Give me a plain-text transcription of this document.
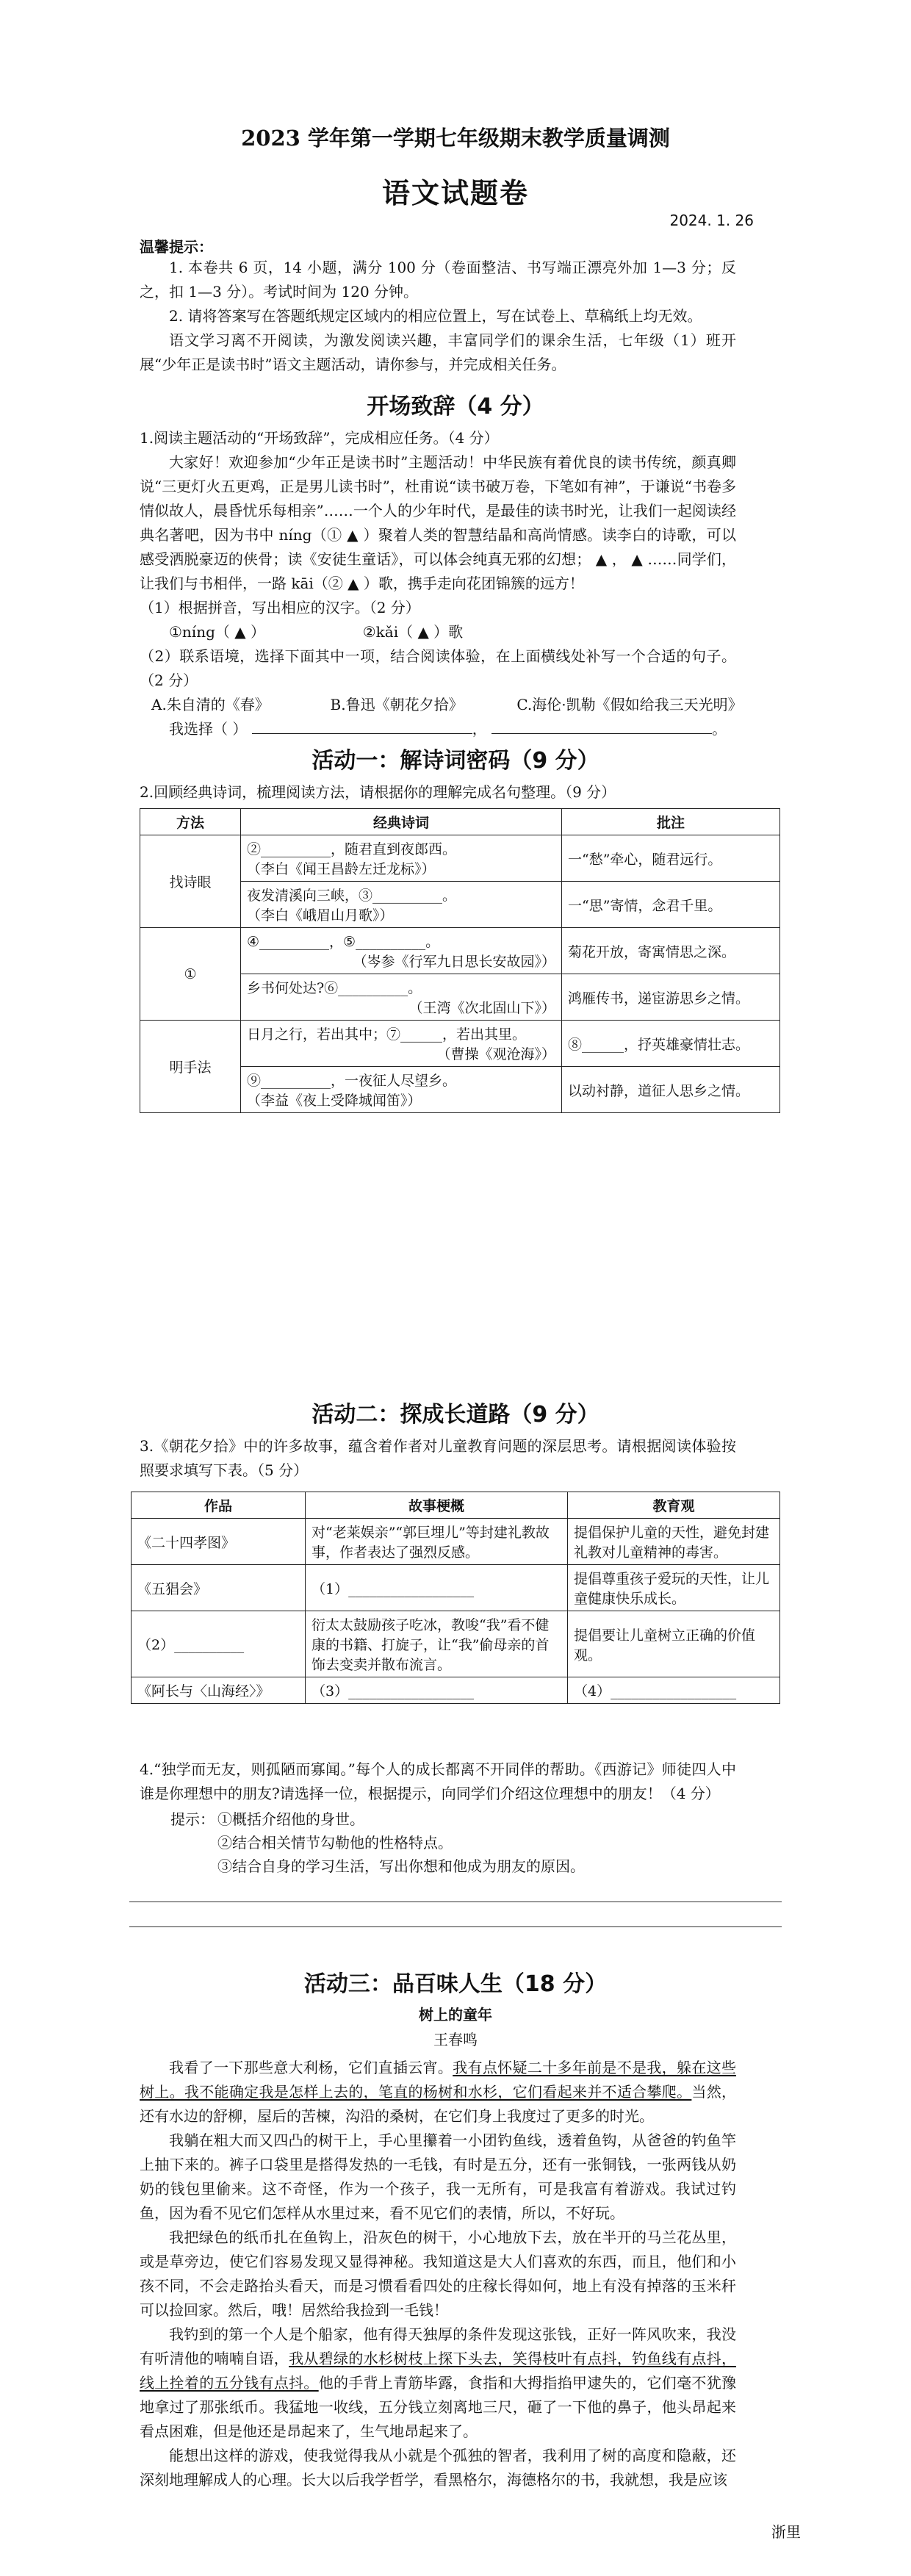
2023 学年第一学期七年级期末教学质量调测
语文试题卷
2024. 1. 26
温馨提示：

1. 本卷共 6 页，14 小题，满分 100 分（卷面整洁、书写端正漂亮外加 1—3 分；反之，扣 1—3 分）。考试时间为 120 分钟。

2. 请将答案写在答题纸规定区域内的相应位置上，写在试卷上、草稿纸上均无效。

语文学习离不开阅读，为激发阅读兴趣，丰富同学们的课余生活，七年级（1）班开展“少年正是读书时”语文主题活动，请你参与，并完成相关任务。

开场致辞（4 分）
1.阅读主题活动的“开场致辞”，完成相应任务。（4 分）

大家好！欢迎参加“少年正是读书时”主题活动！中华民族有着优良的读书传统，颜真卿说“三更灯火五更鸡，正是男儿读书时”，杜甫说“读书破万卷，下笔如有神”，于谦说“书卷多情似故人，晨昏忧乐每相亲”……一个人的少年时代，是最佳的读书时光，让我们一起阅读经典名著吧，因为书中 níng（① ▲ ）聚着人类的智慧结晶和高尚情感。读李白的诗歌，可以感受洒脱豪迈的侠骨；读《安徒生童话》，可以体会纯真无邪的幻想； ▲ ， ▲ ……同学们，让我们与书相伴，一路 kāi（② ▲ ）歌，携手走向花团锦簇的远方！

（1）根据拼音，写出相应的汉字。（2 分）
①níng（ ▲ ）	②kǎi（ ▲ ）歌
（2）联系语境，选择下面其中一项，结合阅读体验，在上面横线处补写一个合适的句子。（2 分）
A.朱自清的《春》	B.鲁迅《朝花夕拾》	C.海伦·凯勒《假如给我三天光明》
我选择（ ）	，	。
活动一：解诗词密码（9 分）
2.回顾经典诗词，梳理阅读方法，请根据你的理解完成名句整理。（9 分）
方法	经典诗词	批注
找诗眼	②__________，随君直到夜郎西。
（李白《闻王昌龄左迁龙标》）	一“愁”牵心，随君远行。

	夜发清溪向三峡，③__________。
（李白《峨眉山月歌》）	一“思”寄情，念君千里。
①	④__________，⑤__________。
（岑参《行军九日思长安故园》）	菊花开放，寄寓情思之深。

	乡书何处达?⑥__________。
（王湾《次北固山下》）	鸿雁传书，递宦游思乡之情。
明手法	日月之行，若出其中；⑦______，若出其里。
（曹操《观沧海》）	⑧______，抒英雄豪情壮志。

	⑨__________，一夜征人尽望乡。
（李益《夜上受降城闻笛》）	以动衬静，道征人思乡之情。
活动二：探成长道路（9 分）
3.《朝花夕拾》中的许多故事，蕴含着作者对儿童教育问题的深层思考。请根据阅读体验按照要求填写下表。（5 分）
作品	故事梗概	教育观
《二十四孝图》	对“老莱娱亲”“郭巨埋儿”等封建礼教故事，作者表达了强烈反感。	提倡保护儿童的天性，避免封建礼教对儿童精神的毒害。
《五猖会》	（1）__________________	提倡尊重孩子爱玩的天性，让儿童健康快乐成长。
（2）__________	衍太太鼓励孩子吃冰，教唆“我”看不健康的书籍、打旋子，让“我”偷母亲的首饰去变卖并散布流言。	提倡要让儿童树立正确的价值观。
《阿长与〈山海经〉》	（3）__________________	（4）__________________
4.“独学而无友，则孤陋而寡闻。”每个人的成长都离不开同伴的帮助。《西游记》师徒四人中谁是你理想中的朋友?请选择一位，根据提示，向同学们介绍这位理想中的朋友！（4 分）
提示： ①概括介绍他的身世。
②结合相关情节勾勒他的性格特点。
③结合自身的学习生活，写出你想和他成为朋友的原因。
活动三：品百味人生（18 分）
树上的童年
王春鸣

我看了一下那些意大利杨，它们直插云宵。我有点怀疑二十多年前是不是我，躲在这些树上。我不能确定我是怎样上去的，笔直的杨树和水杉，它们看起来并不适合攀爬。当然，还有水边的舒柳，屋后的苦楝，沟沿的桑树，在它们身上我度过了更多的时光。

我躺在粗大而又四凸的树干上，手心里攥着一小团钓鱼线，透着鱼钩，从爸爸的钓鱼竿上抽下来的。裤子口袋里是搭得发热的一毛钱，有时是五分，还有一张铜钱，一张两钱从奶奶的钱包里偷来。这不奇怪，作为一个孩子，我一无所有，可是我富有着游戏。我试过钓鱼，因为看不见它们怎样从水里过来，看不见它们的表情，所以，不好玩。

我把绿色的纸币扎在鱼钩上，沿灰色的树干，小心地放下去，放在半开的马兰花丛里，或是草旁边，使它们容易发现又显得神秘。我知道这是大人们喜欢的东西，而且，他们和小孩不同，不会走路抬头看天，而是习惯看看四处的庄稼长得如何，地上有没有掉落的玉米秆可以捡回家。然后，哦！居然给我捡到一毛钱！

我钓到的第一个人是个船家，他有得天独厚的条件发现这张钱，正好一阵风吹来，我没有听清他的喃喃自语，我从碧绿的水杉树枝上探下头去，笑得枝叶有点抖，钓鱼线有点抖，线上拴着的五分钱有点抖。他的手背上青筋毕露，食指和大拇指掐甲逮失的，它们毫不犹豫地拿过了那张纸币。我猛地一收线，五分钱立刻离地三尺，砸了一下他的鼻子，他头昂起来看点困难，但是他还是昂起来了，生气地昂起来了。

能想出这样的游戏，使我觉得我从小就是个孤独的智者，我利用了树的高度和隐蔽，还深刻地理解成人的心理。长大以后我学哲学，看黑格尔，海德格尔的书，我就想，我是应该

浙里
